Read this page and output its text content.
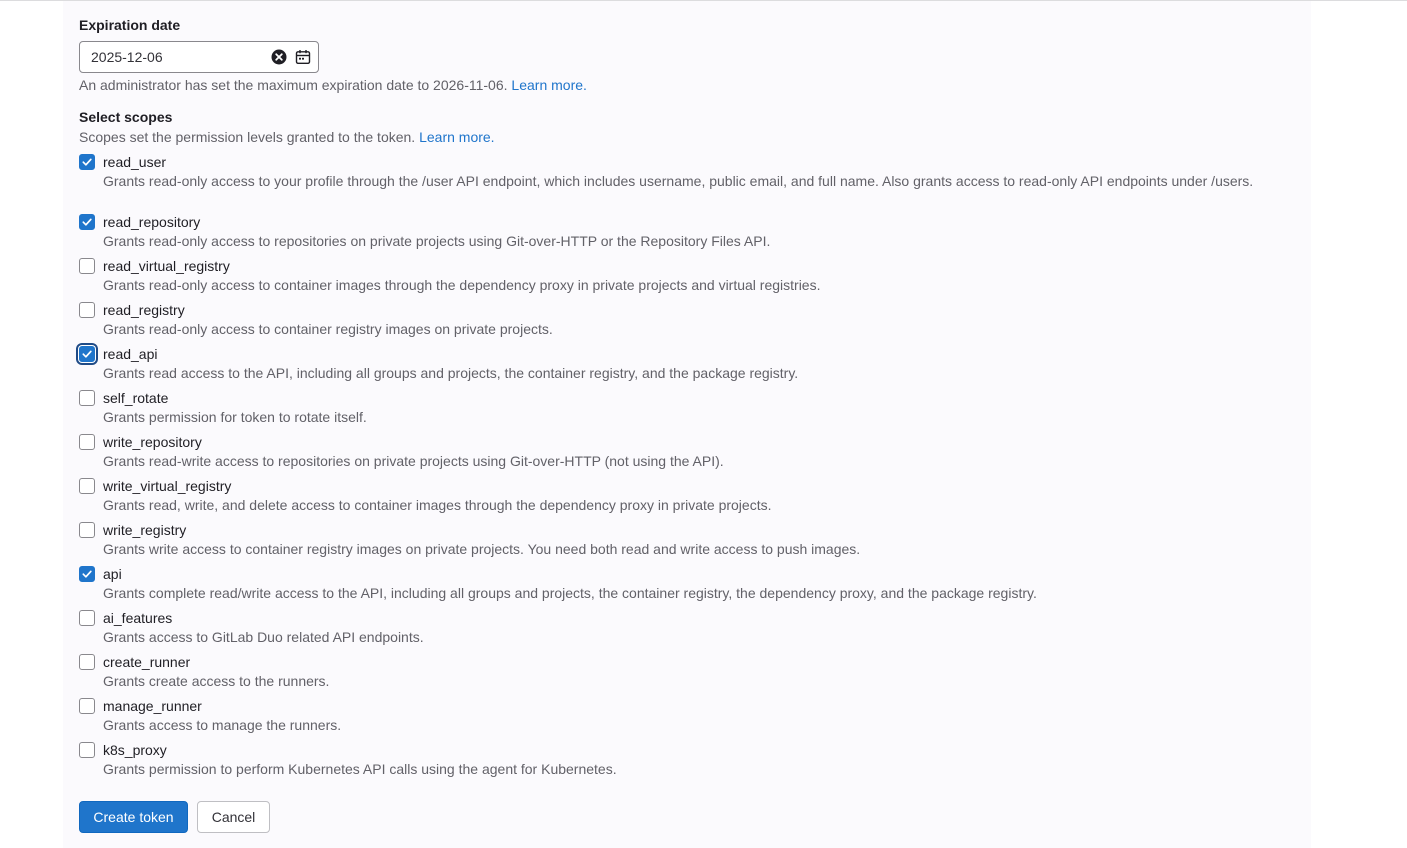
Expiration date
2025-12-06
An administrator has set the maximum expiration date to 2026-11-06. Learn more.
Select scopes
Scopes set the permission levels granted to the token. Learn more.
read_user
Grants read-only access to your profile through the /user API endpoint, which includes username, public email, and full name. Also grants access to read-only API endpoints under /users.
read_repository
Grants read-only access to repositories on private projects using Git-over-HTTP or the Repository Files API.
read_virtual_registry
Grants read-only access to container images through the dependency proxy in private projects and virtual registries.
read_registry
Grants read-only access to container registry images on private projects.
read_api
Grants read access to the API, including all groups and projects, the container registry, and the package registry.
self_rotate
Grants permission for token to rotate itself.
write_repository
Grants read-write access to repositories on private projects using Git-over-HTTP (not using the API).
write_virtual_registry
Grants read, write, and delete access to container images through the dependency proxy in private projects.
write_registry
Grants write access to container registry images on private projects. You need both read and write access to push images.
api
Grants complete read/write access to the API, including all groups and projects, the container registry, the dependency proxy, and the package registry.
ai_features
Grants access to GitLab Duo related API endpoints.
create_runner
Grants create access to the runners.
manage_runner
Grants access to manage the runners.
k8s_proxy
Grants permission to perform Kubernetes API calls using the agent for Kubernetes.
Create token	Cancel
